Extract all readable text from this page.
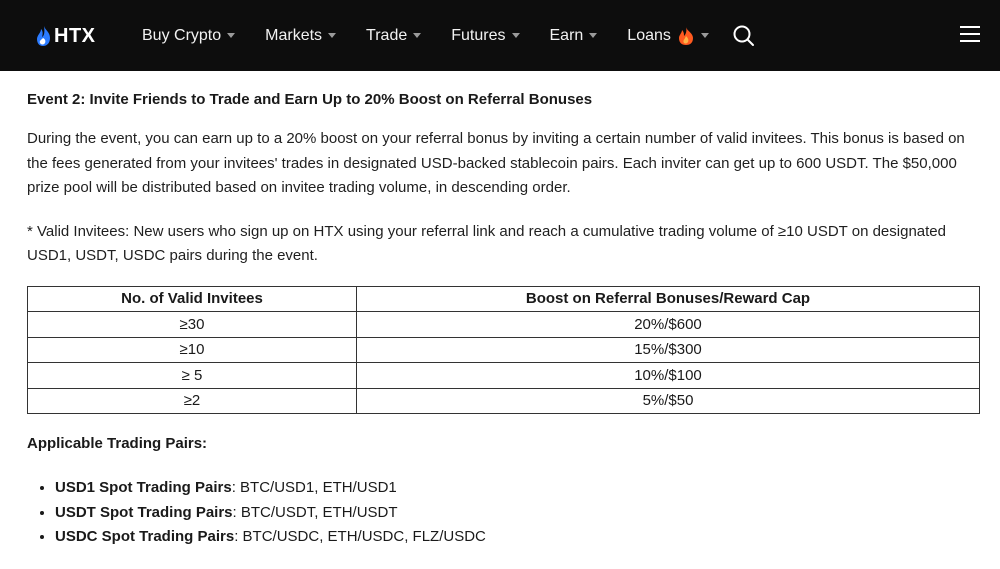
HTX	Buy Crypto	Markets	Trade	Futures	Earn	Loans
Event 2: Invite Friends to Trade and Earn Up to 20% Boost on Referral Bonuses
During the event, you can earn up to a 20% boost on your referral bonus by inviting a certain number of valid invitees. This bonus is based on the fees generated from your invitees' trades in designated USD-backed stablecoin pairs. Each inviter can get up to 600 USDT. The $50,000 prize pool will be distributed based on invitee trading volume, in descending order.
* Valid Invitees: New users who sign up on HTX using your referral link and reach a cumulative trading volume of ≥10 USDT on designated USD1, USDT, USDC pairs during the event.
No. of Valid Invitees	Boost on Referral Bonuses/Reward Cap
≥30	20%/$600
≥10	15%/$300
≥ 5	10%/$100
≥2	5%/$50
Applicable Trading Pairs:
• USD1 Spot Trading Pairs: BTC/USD1, ETH/USD1
• USDT Spot Trading Pairs: BTC/USDT, ETH/USDT
• USDC Spot Trading Pairs: BTC/USDC, ETH/USDC, FLZ/USDC
